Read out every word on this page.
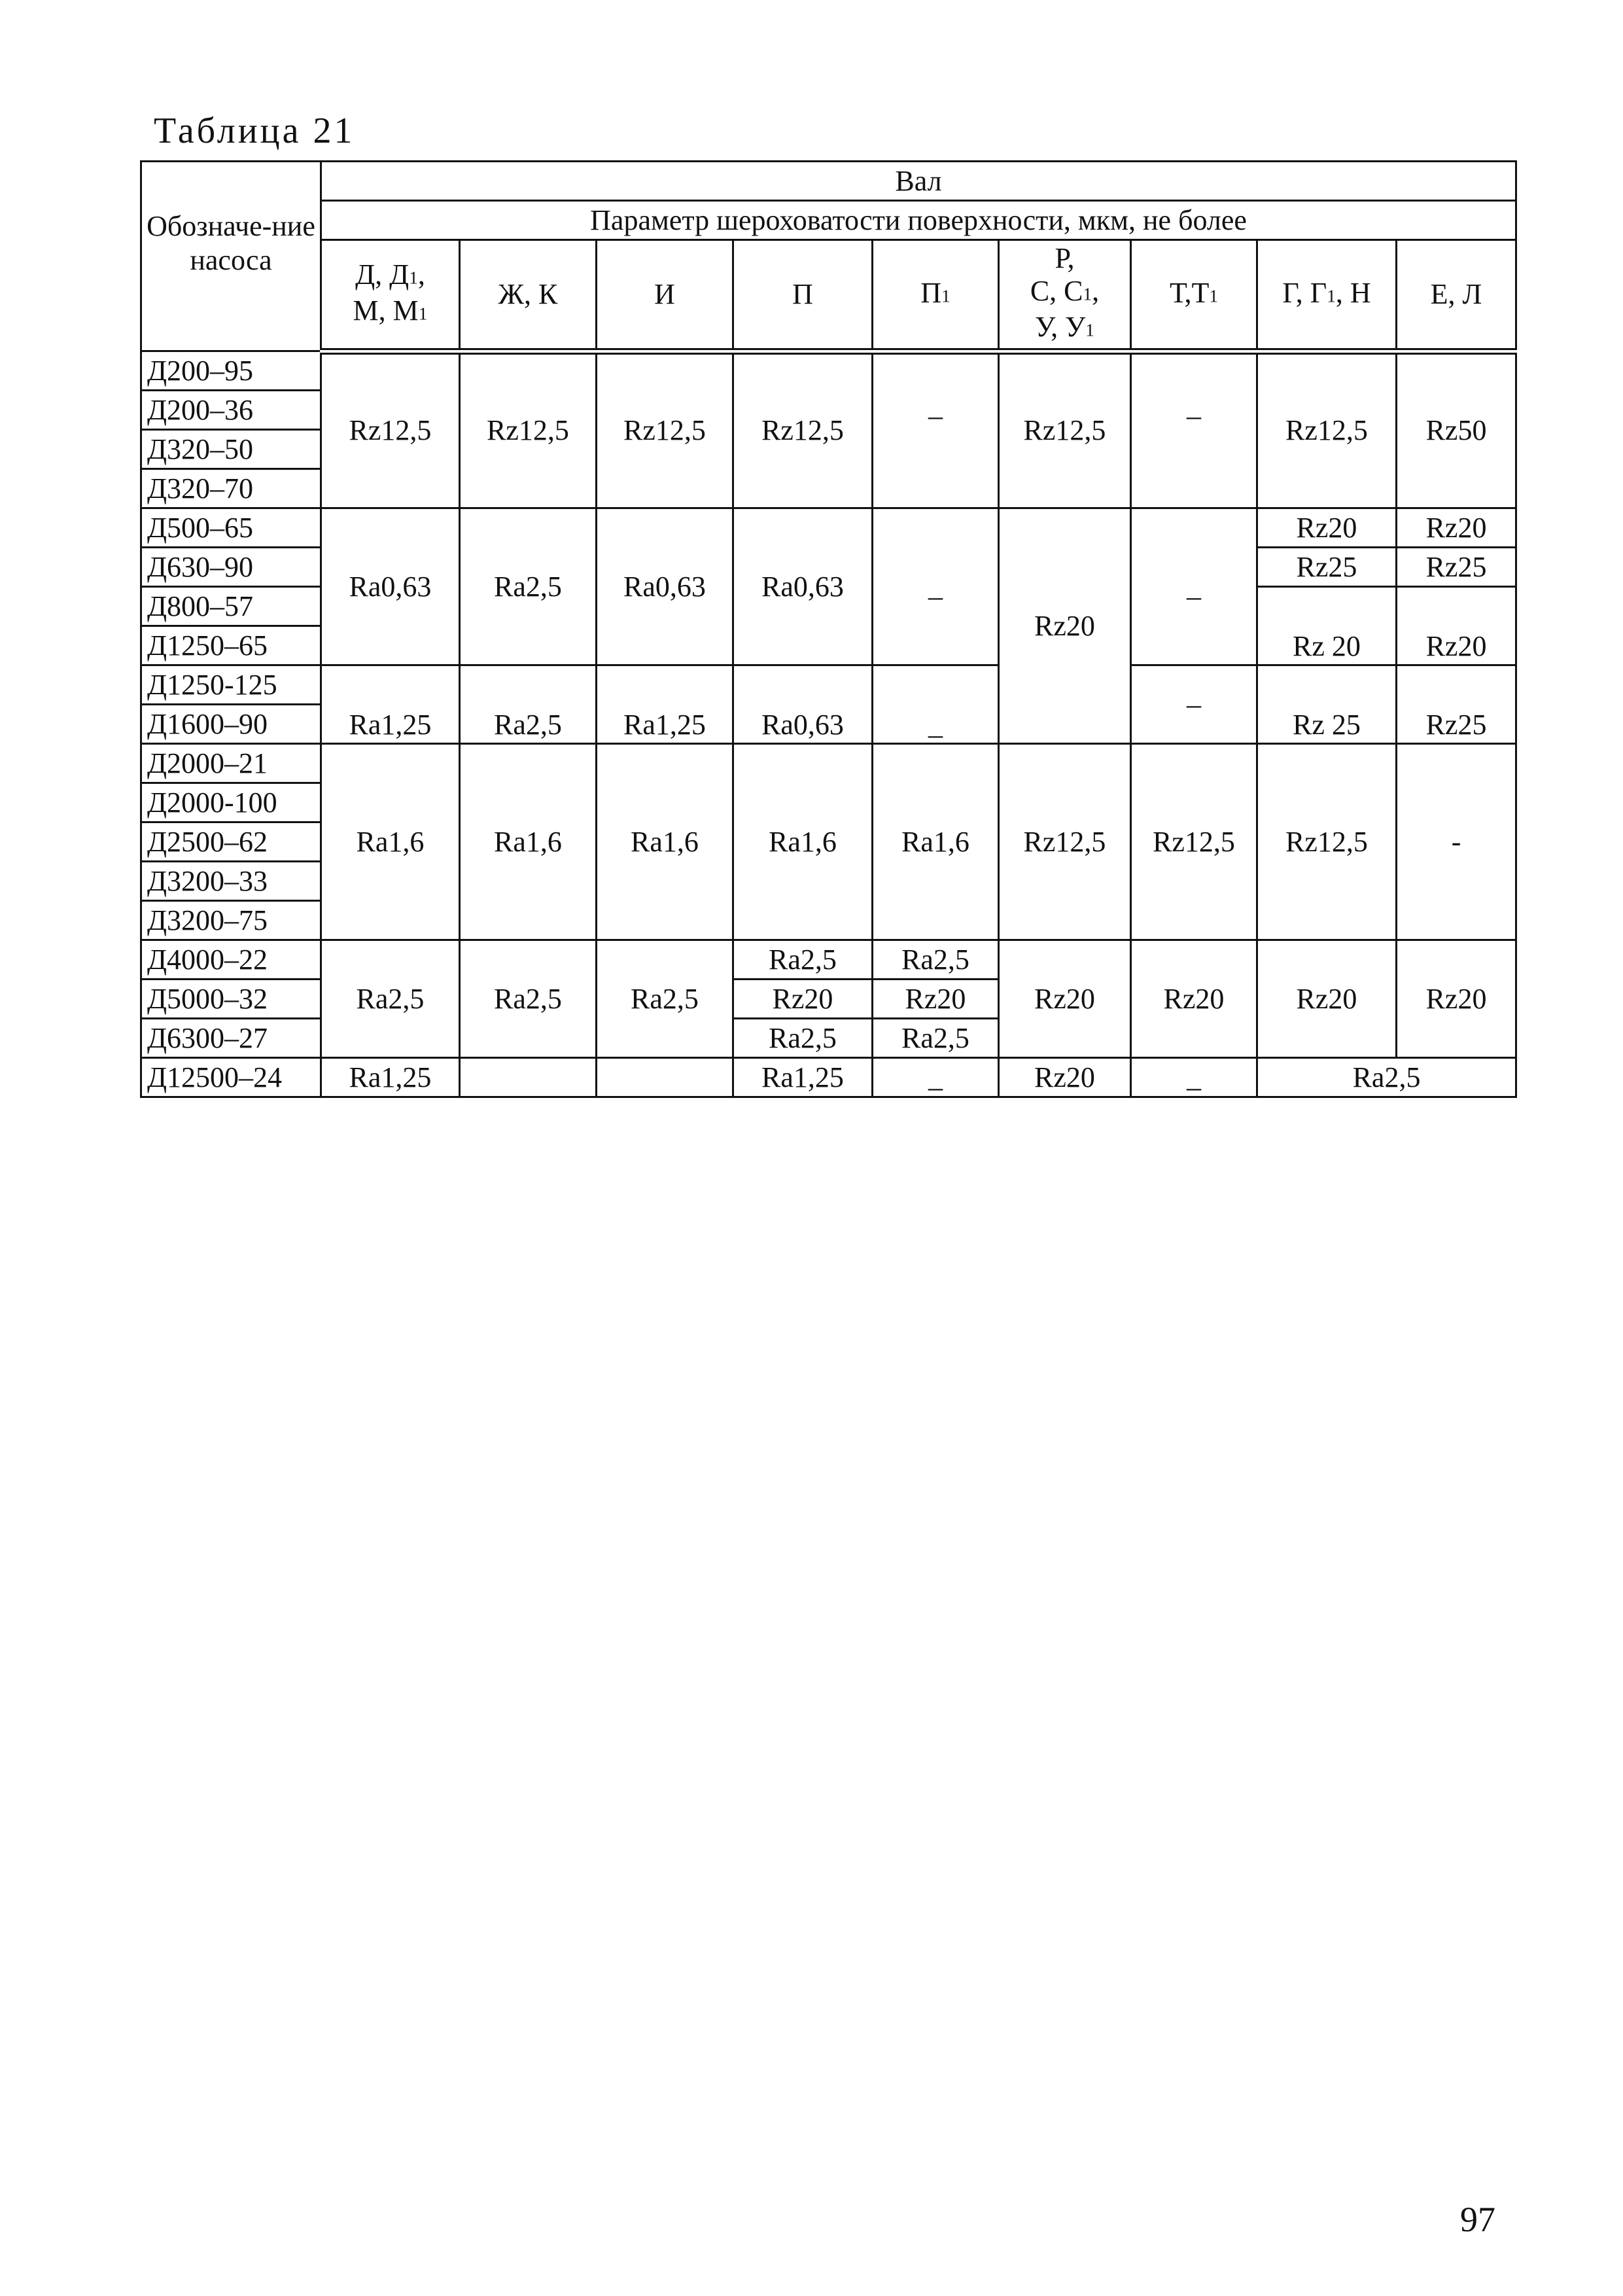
Таблица 21
Обозначе-ние насоса	Вал								
	Параметр шероховатости поверхности, мкм, не более								
	Д, $Д_1$,
М, $М_1$	Ж, К	И	П	$П_1$	Р,
С, $С_1$,
У, $У_1$	$Т,Т_1$	Г, $Г_1$, Н	Е, Л
Д200–95	Rz12,5	Rz12,5	Rz12,5	Rz12,5	–	Rz12,5	–	Rz12,5	Rz50
Д200–36									
Д320–50									
Д320–70									
Д500–65	Ra0,63	Ra2,5	Ra0,63	Ra0,63	_	Rz20	_	Rz20	Rz20
Д630–90								Rz25	Rz25
Д800–57								Rz 20	Rz20
Д1250–65									
Д1250-125	Ra1,25	Ra2,5	Ra1,25	Ra0,63	_		–	Rz 25	Rz25
Д1600–90									
Д2000–21	Ra1,6	Ra1,6	Ra1,6	Ra1,6	Ra1,6	Rz12,5	Rz12,5	Rz12,5	-
Д2000-100									
Д2500–62									
Д3200–33									
Д3200–75									
Д4000–22	Ra2,5	Ra2,5	Ra2,5	Ra2,5	Ra2,5	Rz20	Rz20	Rz20	Rz20
Д5000–32				Rz20	Rz20				
Д6300–27				Ra2,5	Ra2,5				
Д12500–24	Ra1,25			Ra1,25	_	Rz20	_	Ra2,5	
97
